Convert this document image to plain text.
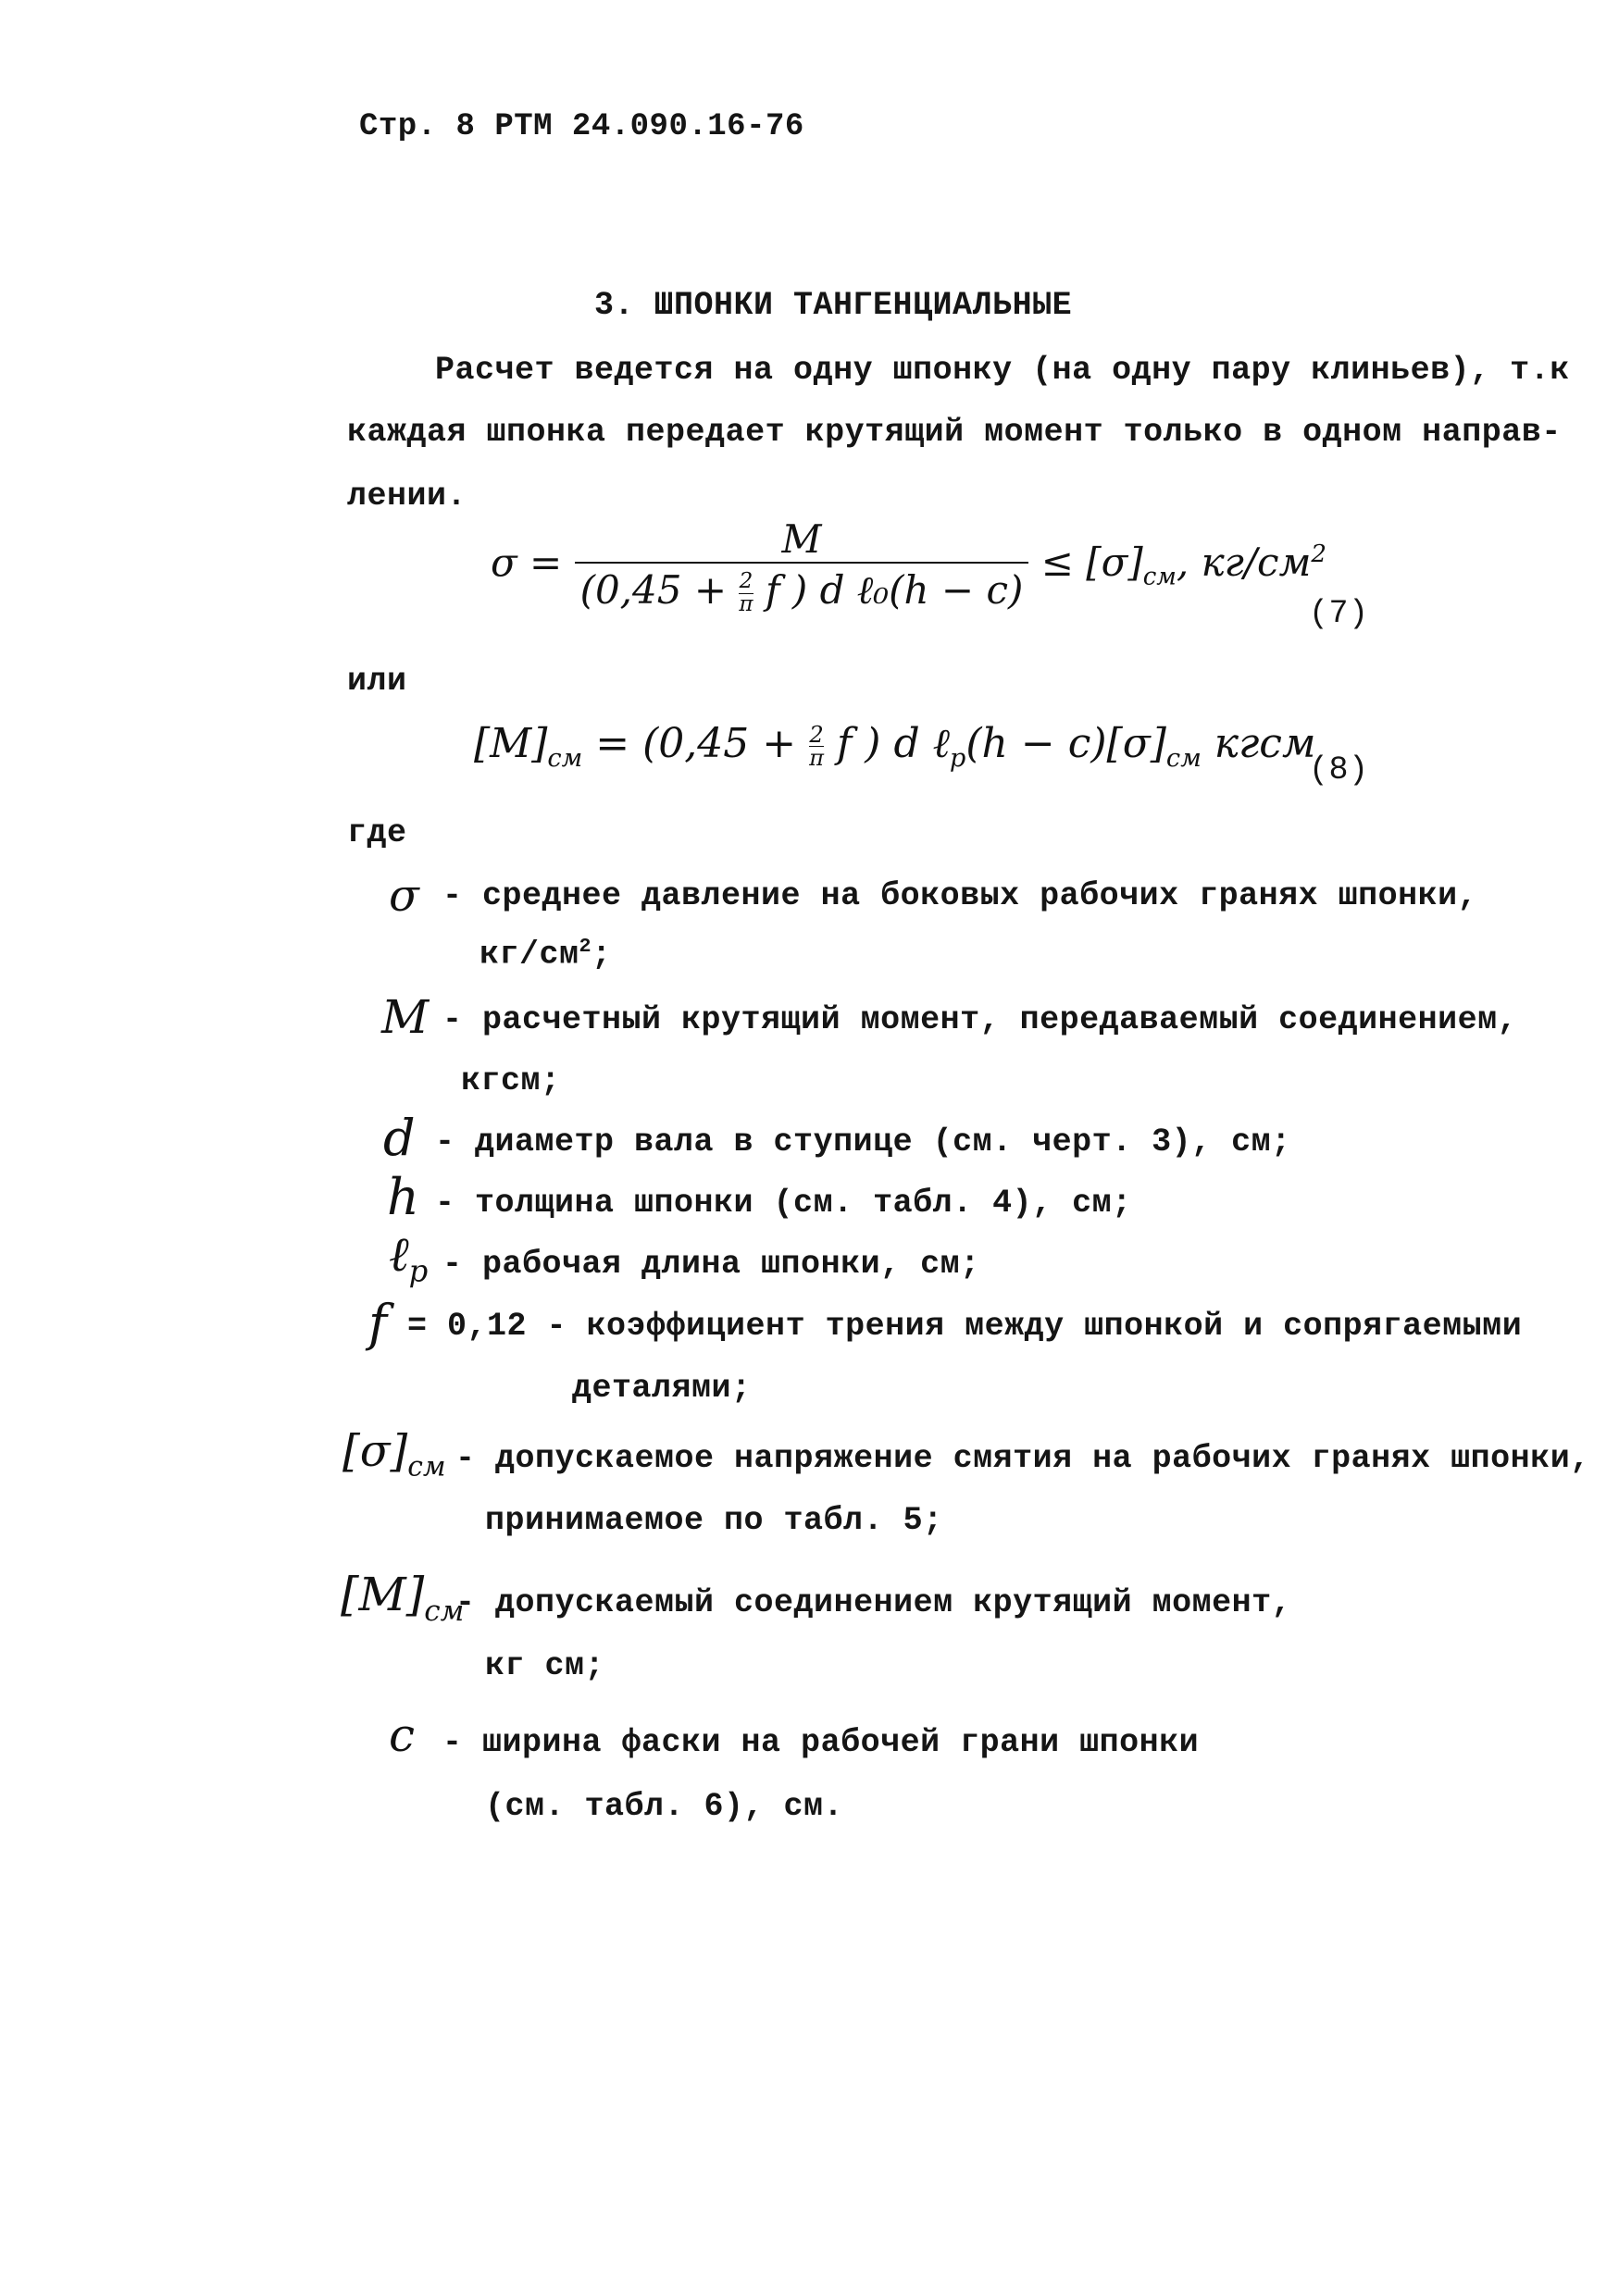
Стр. 8 РТМ 24.090.16-76
3. ШПОНКИ ТАНГЕНЦИАЛЬНЫЕ
Расчет ведется на одну шпонку (на одну пару клиньев), т.к
каждая шпонка передает крутящий момент только в одном направ-
лении.
$\sigma = \frac{M}{(0,45 + \frac{2}{\pi} f ) d \ell_0(h - c)} \le [\sigma]_{см}$, $кг/см^2$
(7)
или
$[M]_{см} = (0,45 + \frac{2}{\pi}$ f ) d ℓ$_р$(h − $c)[\sigma]_{см}$ кгсм
(8)
где
σ - среднее давление на боковых рабочих гранях шпонки,
$кг/см^2$;
M - расчетный крутящий момент, передаваемый соединением,
кгсм;
d - диаметр вала в ступице (см. черт. 3), см;
h - толщина шпонки (см. табл. 4), см;
ℓ$_р$ - рабочая длина шпонки, см;
f = 0,12 - коэффициент трения между шпонкой и сопрягаемыми
деталями;
$[\sigma]_{см}$ - допускаемое напряжение смятия на рабочих гранях шпонки,
принимаемое по табл. 5;
$[M]_{см}$
- допускаемый соединением крутящий момент,
кг см;
c - ширина фаски на рабочей грани шпонки
(см. табл. 6), см.
